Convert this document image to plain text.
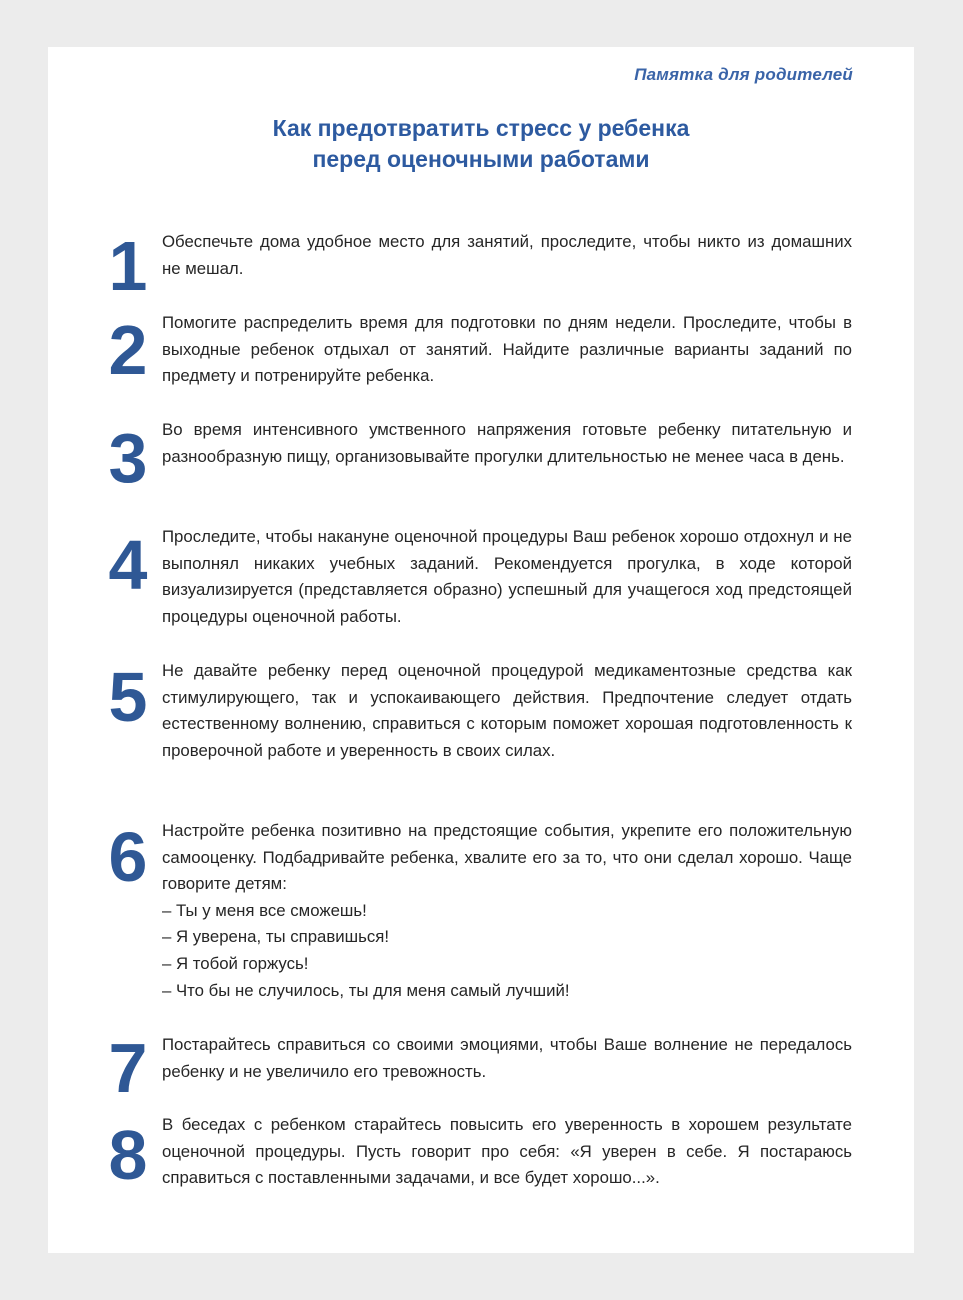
Памятка для родителей
Как предотвратить стресс у ребенка
перед оценочными работами
1 Обеспечьте дома удобное место для занятий, проследите, чтобы никто из домашних не мешал.

2 Помогите распределить время для подготовки по дням недели. Проследите, чтобы в выходные ребенок отдыхал от занятий. Найдите различные варианты заданий по предмету и потренируйте ребенка.

3 Во время интенсивного умственного напряжения готовьте ребенку питательную и разнообразную пищу, организовывайте прогулки длительностью не менее часа в день.

4 Проследите, чтобы накануне оценочной процедуры Ваш ребенок хорошо отдохнул и не выполнял никаких учебных заданий. Рекомендуется прогулка, в ходе которой визуализируется (представляется образно) успешный для учащегося ход предстоящей процедуры оценочной работы.

5 Не давайте ребенку перед оценочной процедурой медикаментозные средства как стимулирующего, так и успокаивающего действия. Предпочтение следует отдать естественному волнению, справиться с которым поможет хорошая подготовленность к проверочной работе и уверенность в своих силах.

6 Настройте ребенка позитивно на предстоящие события, укрепите его положительную самооценку. Подбадривайте ребенка, хвалите его за то, что они сделал хорошо. Чаще говорите детям:

– Ты у меня все сможешь!
– Я уверена, ты справишься!
– Я тобой горжусь!
– Что бы не случилось, ты для меня самый лучший!
7 Постарайтесь справиться со своими эмоциями, чтобы Ваше волнение не передалось ребенку и не увеличило его тревожность.

8 В беседах с ребенком старайтесь повысить его уверенность в хорошем результате оценочной процедуры. Пусть говорит про себя: «Я уверен в себе. Я постараюсь справиться с поставленными задачами, и все будет хорошо...».
